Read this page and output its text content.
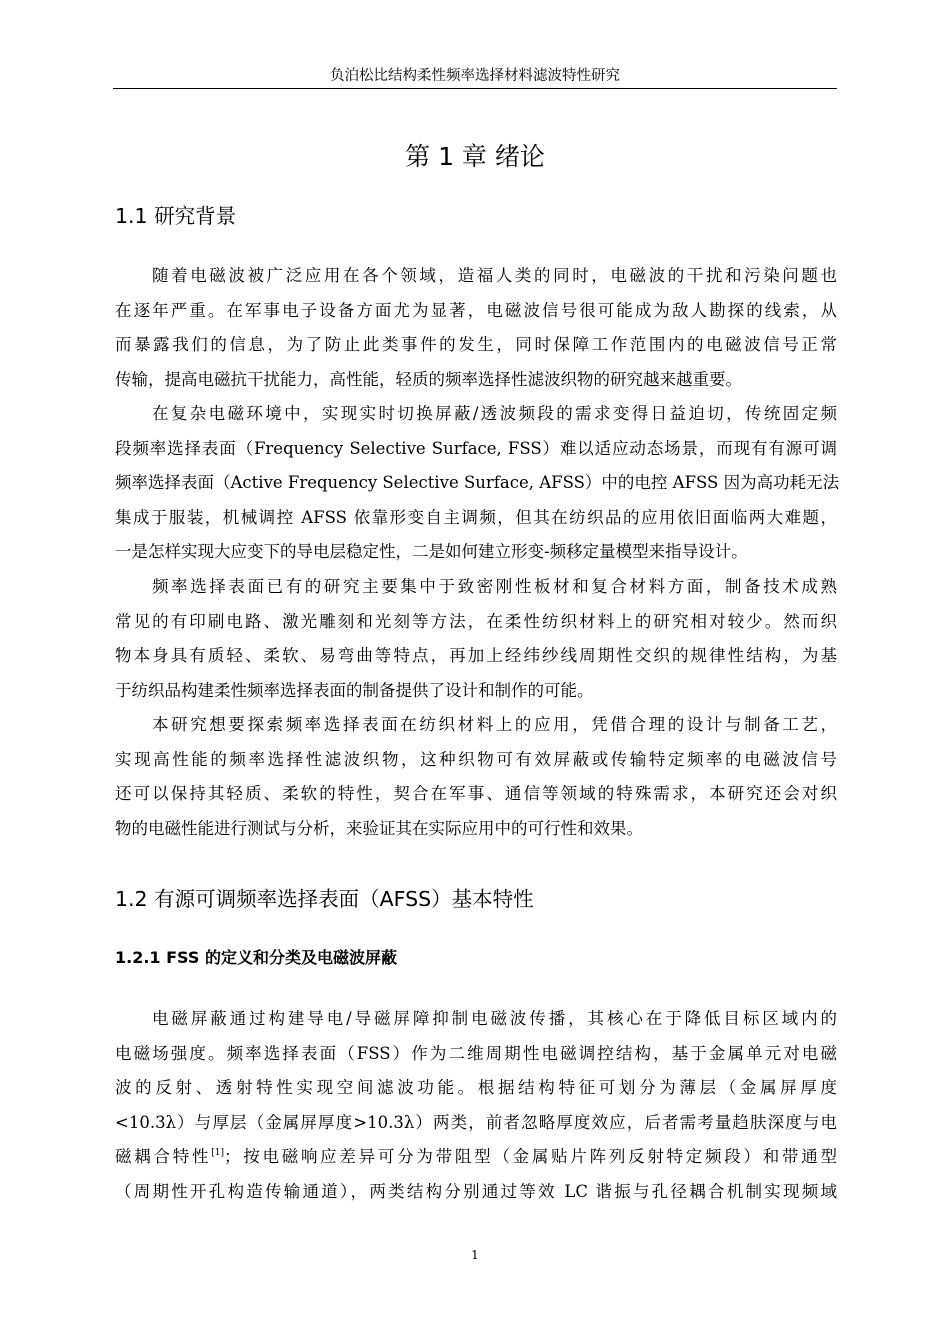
负泊松比结构柔性频率选择材料滤波特性研究
第 1 章 绪论
1.1 研究背景
随着电磁波被广泛应用在各个领域，造福人类的同时，电磁波的干扰和污染问题也
在逐年严重。在军事电子设备方面尤为显著，电磁波信号很可能成为敌人勘探的线索，从
而暴露我们的信息，为了防止此类事件的发生，同时保障工作范围内的电磁波信号正常
传输，提高电磁抗干扰能力，高性能，轻质的频率选择性滤波织物的研究越来越重要。
在复杂电磁环境中，实现实时切换屏蔽/透波频段的需求变得日益迫切，传统固定频
段频率选择表面（Frequency Selective Surface, FSS）难以适应动态场景，而现有有源可调
频率选择表面（Active Frequency Selective Surface, AFSS）中的电控 AFSS 因为高功耗无法
集成于服装，机械调控 AFSS 依靠形变自主调频，但其在纺织品的应用依旧面临两大难题，
一是怎样实现大应变下的导电层稳定性，二是如何建立形变-频移定量模型来指导设计。
频率选择表面已有的研究主要集中于致密刚性板材和复合材料方面，制备技术成熟
常见的有印刷电路、激光雕刻和光刻等方法，在柔性纺织材料上的研究相对较少。然而织
物本身具有质轻、柔软、易弯曲等特点，再加上经纬纱线周期性交织的规律性结构，为基
于纺织品构建柔性频率选择表面的制备提供了设计和制作的可能。
本研究想要探索频率选择表面在纺织材料上的应用，凭借合理的设计与制备工艺，
实现高性能的频率选择性滤波织物，这种织物可有效屏蔽或传输特定频率的电磁波信号
还可以保持其轻质、柔软的特性，契合在军事、通信等领域的特殊需求，本研究还会对织
物的电磁性能进行测试与分析，来验证其在实际应用中的可行性和效果。
1.2 有源可调频率选择表面（AFSS）基本特性
1.2.1 FSS 的定义和分类及电磁波屏蔽
电磁屏蔽通过构建导电/导磁屏障抑制电磁波传播，其核心在于降低目标区域内的
电磁场强度。频率选择表面（FSS）作为二维周期性电磁调控结构，基于金属单元对电磁
波的反射、透射特性实现空间滤波功能。根据结构特征可划分为薄层（金属屏厚度
<10.3λ）与厚层（金属屏厚度>10.3λ）两类，前者忽略厚度效应，后者需考量趋肤深度与电
磁耦合特性[1]；按电磁响应差异可分为带阻型（金属贴片阵列反射特定频段）和带通型
（周期性开孔构造传输通道），两类结构分别通过等效 LC 谐振与孔径耦合机制实现频域
1
